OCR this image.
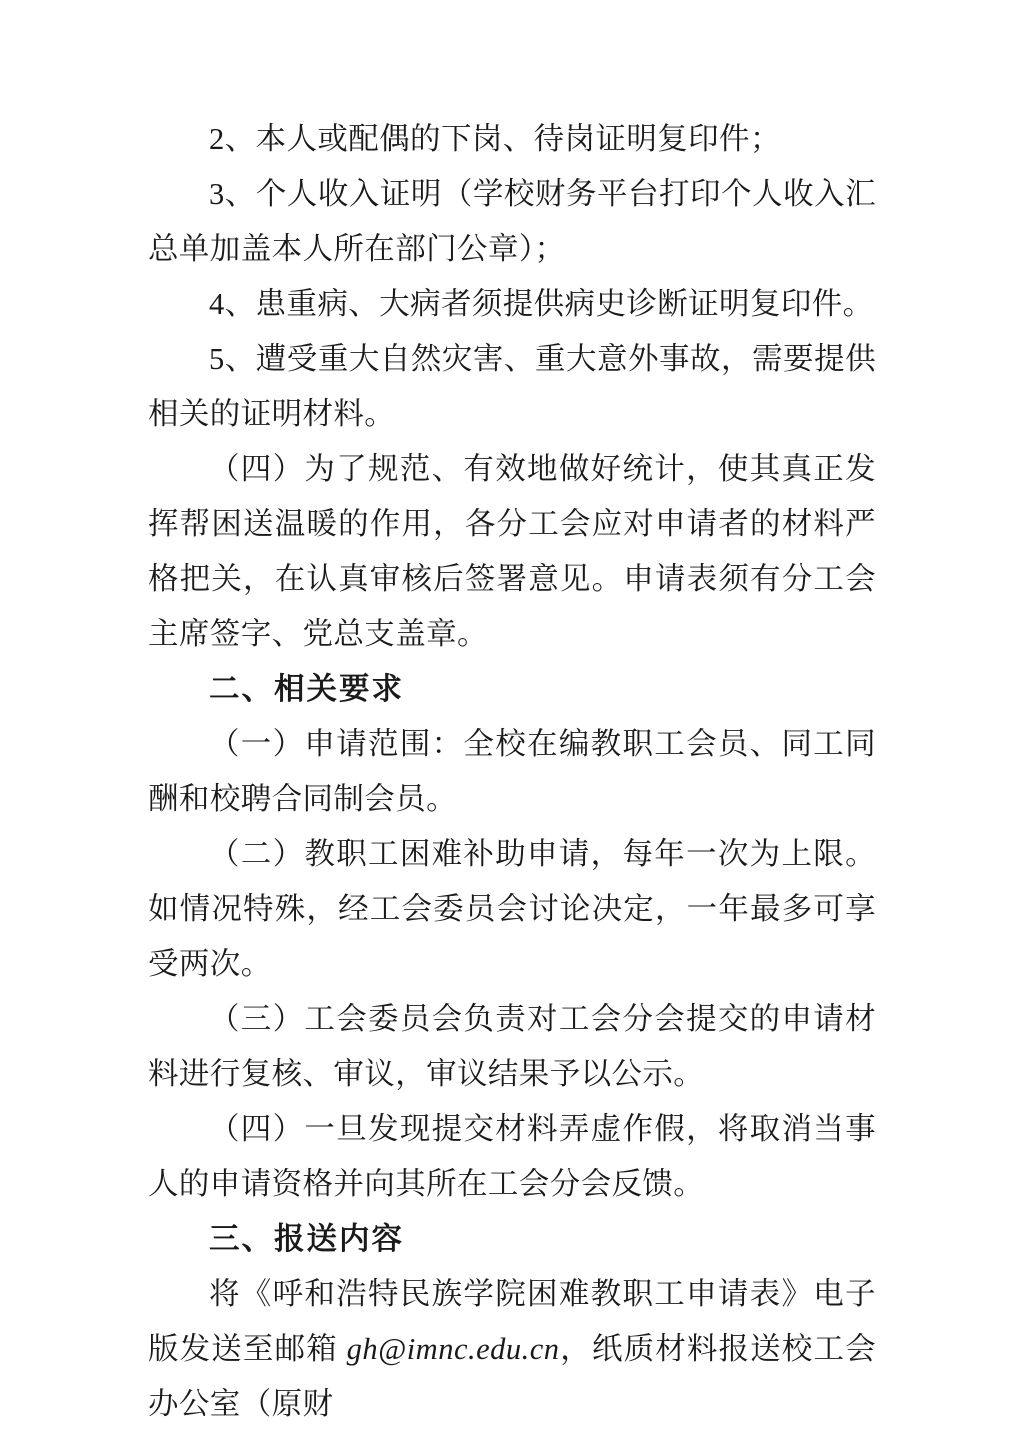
2、本人或配偶的下岗、待岗证明复印件；

3、个人收入证明（学校财务平台打印个人收入汇总单加盖本人所在部门公章）；

4、患重病、大病者须提供病史诊断证明复印件。

5、遭受重大自然灾害、重大意外事故，需要提供相关的证明材料。

（四）为了规范、有效地做好统计，使其真正发挥帮困送温暖的作用，各分工会应对申请者的材料严格把关，在认真审核后签署意见。申请表须有分工会主席签字、党总支盖章。

二、相关要求

（一）申请范围：全校在编教职工会员、同工同酬和校聘合同制会员。

（二）教职工困难补助申请，每年一次为上限。如情况特殊，经工会委员会讨论决定，一年最多可享受两次。

（三）工会委员会负责对工会分会提交的申请材料进行复核、审议，审议结果予以公示。

（四）一旦发现提交材料弄虚作假，将取消当事人的申请资格并向其所在工会分会反馈。

三、报送内容

将《呼和浩特民族学院困难教职工申请表》电子版发送至邮箱 gh@imnc.edu.cn，纸质材料报送校工会办公室（原财
